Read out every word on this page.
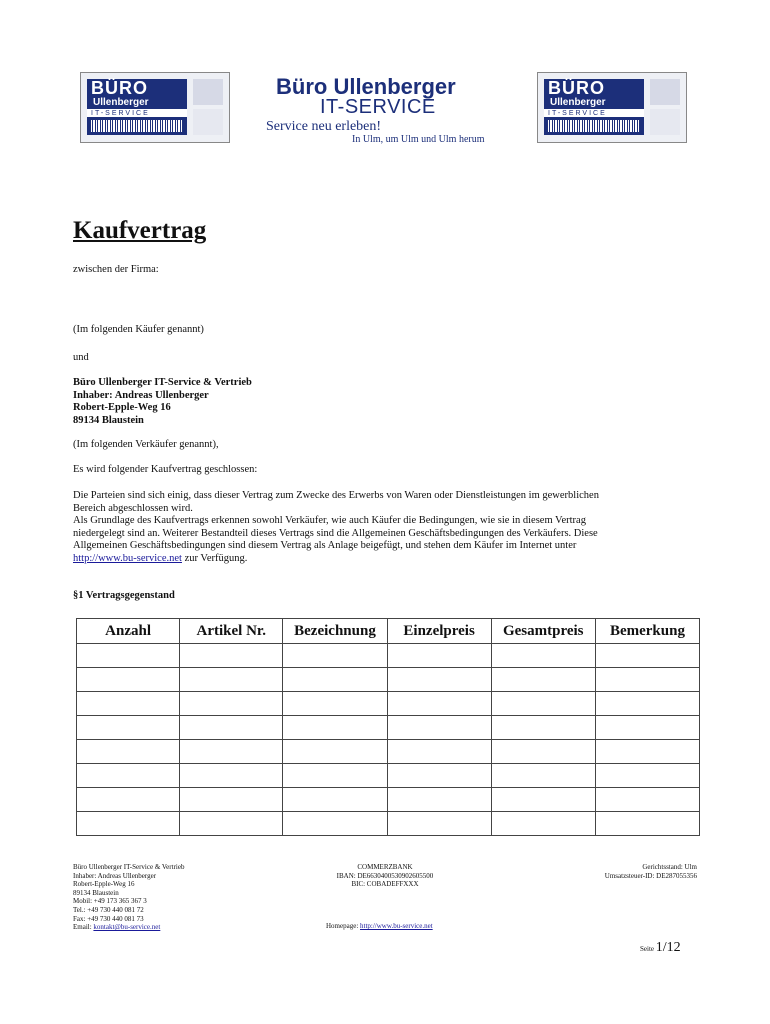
BÜRO
Ullenberger
IT-SERVICE
BÜRO
Ullenberger
IT-SERVICE
Büro Ullenberger
IT-SERVICE
Service neu erleben!
In Ulm, um Ulm und Ulm herum
Kaufvertrag
zwischen der Firma:
(Im folgenden Käufer genannt)
und
Büro Ullenberger IT-Service & Vertrieb
Inhaber: Andreas Ullenberger
Robert-Epple-Weg 16
89134 Blaustein
(Im folgenden Verkäufer genannt),
Es wird folgender Kaufvertrag geschlossen:
Die Parteien sind sich einig, dass dieser Vertrag zum Zwecke des Erwerbs von Waren oder Dienstleistungen im gewerblichen
Bereich abgeschlossen wird.
Als Grundlage des Kaufvertrags erkennen sowohl Verkäufer, wie auch Käufer die Bedingungen, wie sie in diesem Vertrag
niedergelegt sind an. Weiterer Bestandteil dieses Vertrags sind die Allgemeinen Geschäftsbedingungen des Verkäufers. Diese
Allgemeinen Geschäftsbedingungen sind diesem Vertrag als Anlage beigefügt, und stehen dem Käufer im Internet unter
http://www.bu-service.net zur Verfügung.
§1 Vertragsgegenstand
Anzahl	Artikel Nr.	Bezeichnung	Einzelpreis	Gesamtpreis	Bemerkung

Büro Ullenberger IT-Service & Vertrieb
Inhaber: Andreas Ullenberger
Robert-Epple-Weg 16
89134 Blaustein
Mobil: +49 173 365 367 3
Tel.: +49 730 440 081 72
Fax: +49 730 440 081 73
Email: kontakt@bu-service.net
COMMERZBANK
IBAN: DE66304005309026055​00
BIC: COBADEFFXXX
Homepage: http://www.bu-service.net
Gerichtsstand: Ulm
Umsatzsteuer-ID: DE287055356
Seite 1/12
